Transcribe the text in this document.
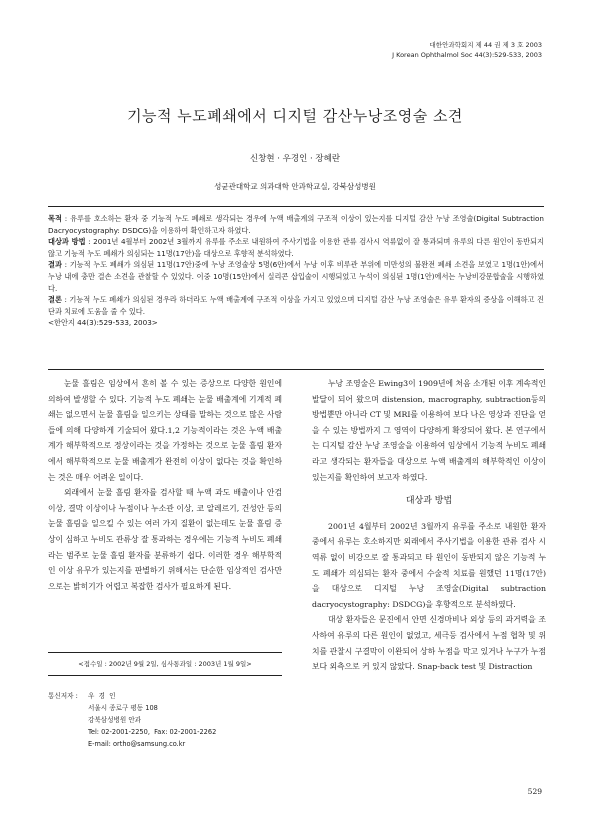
대한안과학회지 제 44 권 제 3 호 2003
J Korean Ophthalmol Soc 44(3):529-533, 2003
기능적 누도폐쇄에서 디지털 감산누낭조영술 소견
신창현 · 우경인 · 장혜란
성균관대학교 의과대학 안과학교실, 강북삼성병원

목적 : 유루를 호소하는 환자 중 기능적 누도 폐쇄로 생각되는 경우에 누액 배출계의 구조적 이상이 있는지를 디지털 감산 누낭 조영술(Digital Subtraction Dacryocystography: DSDCG)을 이용하여 확인하고자 하였다.

대상과 방법 : 2001년 4월부터 2002년 3월까지 유루를 주소로 내원하여 주사기법을 이용한 관류 검사시 역류없이 잘 통과되며 유루의 다른 원인이 동반되지 않고 기능적 누도 폐쇄가 의심되는 11명(17안)을 대상으로 후향적 분석하였다.

결과 : 기능적 누도 폐쇄가 의심된 11명(17안)중에 누낭 조영술상 5명(6안)에서 누낭 이후 비루관 부위에 미만성의 불완전 폐쇄 소견을 보였고 1명(1안)에서 누낭 내에 충만 결손 소견을 관찰할 수 있었다. 이중 10명(15안)에서 실리콘 삽입술이 시행되었고 누석이 의심된 1명(1안)에서는 누낭비강문합술을 시행하였다.

결론 : 기능적 누도 폐쇄가 의심된 경우라 하더라도 누액 배출계에 구조적 이상을 가지고 있었으며 디지털 감산 누낭 조영술은 유루 환자의 증상을 이해하고 진단과 치료에 도움을 줄 수 있다.

<한안지 44(3):529-533, 2003>

눈물 흘림은 임상에서 흔히 볼 수 있는 증상으로 다양한 원인에 의하여 발생할 수 있다. 기능적 누도 폐쇄는 눈물 배출계에 기계적 폐쇄는 없으면서 눈물 흘림을 일으키는 상태를 말하는 것으로 많은 사람들에 의해 다양하게 기술되어 왔다.1,2 기능적이라는 것은 누액 배출계가 해부학적으로 정상이라는 것을 가정하는 것으로 눈물 흘림 환자에서 해부학적으로 눈물 배출계가 완전히 이상이 없다는 것을 확인하는 것은 매우 어려운 일이다.

외래에서 눈물 흘림 환자를 검사할 때 누액 과도 배출이나 안검 이상, 결막 이상이나 누점이나 누소관 이상, 코 알레르기, 건성안 등의 눈물 흘림을 일으킬 수 있는 여러 가지 질환이 없는데도 눈물 흘림 증상이 심하고 누비도 관류상 잘 통과하는 경우에는 기능적 누비도 폐쇄라는 범주로 눈물 흘림 환자를 분류하기 쉽다. 이러한 경우 해부학적인 이상 유무가 있는지를 판별하기 위해서는 단순한 임상적인 검사만으로는 밝히기가 어렵고 복잡한 검사가 필요하게 된다.

누낭 조영술은 Ewing3이 1909년에 처음 소개된 이후 계속적인 발달이 되어 왔으며 distension, macrography, subtraction등의 방법뿐만 아니라 CT 및 MRI를 이용하여 보다 나은 영상과 진단을 얻을 수 있는 방법까지 그 영역이 다양하게 확장되어 왔다. 본 연구에서는 디지털 감산 누낭 조영술을 이용하여 임상에서 기능적 누비도 폐쇄라고 생각되는 환자들을 대상으로 누액 배출계의 해부학적인 이상이 있는지를 확인하여 보고자 하였다.

대상과 방법

2001년 4월부터 2002년 3월까지 유루를 주소로 내원한 환자 중에서 유루는 호소하지만 외래에서 주사기법을 이용한 관류 검사 시 역류 없이 비강으로 잘 통과되고 타 원인이 동반되지 않은 기능적 누도 폐쇄가 의심되는 환자 중에서 수술적 치료를 원했던 11명(17안)을 대상으로 디지털 누낭 조영술(Digital subtraction dacryocystography: DSDCG)을 후향적으로 분석하였다.

대상 환자들은 문진에서 안면 신경마비나 외상 등의 과거력을 조사하여 유루의 다른 원인이 없었고, 세극등 검사에서 누점 협착 및 위치를 관찰시 구결막이 이완되어 상하 누점을 막고 있거나 누구가 누점보다 외측으로 커 있지 않았다. Snap-back test 및 Distraction

<접수일 : 2002년 9월 2일, 심사통과일 : 2003년 1월 9일>
통신저자 :	우  경  인
서울시 종로구 평동 108
강북삼성병원 안과
Tel: 02-2001-2250,  Fax: 02-2001-2262
E-mail: ortho@samsung.co.kr
529
